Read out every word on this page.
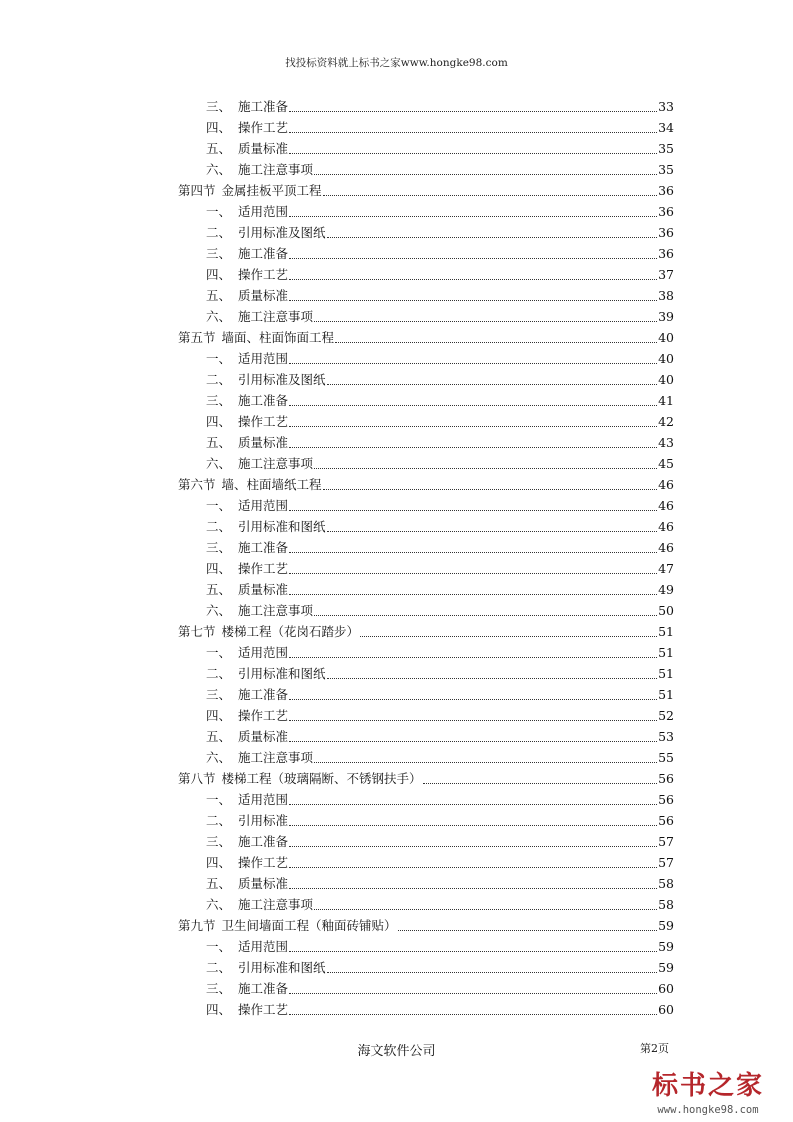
找投标资料就上标书之家www.hongke98.com
三、 施工准备	33
四、 操作工艺	34
五、 质量标准	35
六、 施工注意事项	35
第四节 金属挂板平顶工程	36
一、 适用范围	36
二、 引用标准及图纸	36
三、 施工准备	36
四、 操作工艺	37
五、 质量标准	38
六、 施工注意事项	39
第五节 墙面、柱面饰面工程	40
一、 适用范围	40
二、 引用标准及图纸	40
三、 施工准备	41
四、 操作工艺	42
五、 质量标准	43
六、 施工注意事项	45
第六节 墙、柱面墙纸工程	46
一、 适用范围	46
二、 引用标准和图纸	46
三、 施工准备	46
四、 操作工艺	47
五、 质量标准	49
六、 施工注意事项	50
第七节 楼梯工程（花岗石踏步）	51
一、 适用范围	51
二、 引用标准和图纸	51
三、 施工准备	51
四、 操作工艺	52
五、 质量标准	53
六、 施工注意事项	55
第八节 楼梯工程（玻璃隔断、不锈钢扶手）	56
一、 适用范围	56
二、 引用标准	56
三、 施工准备	57
四、 操作工艺	57
五、 质量标准	58
六、 施工注意事项	58
第九节 卫生间墙面工程（釉面砖铺贴）	59
一、 适用范围	59
二、 引用标准和图纸	59
三、 施工准备	60
四、 操作工艺	60
海文软件公司	第2页
标书之家
www.hongke98.com
